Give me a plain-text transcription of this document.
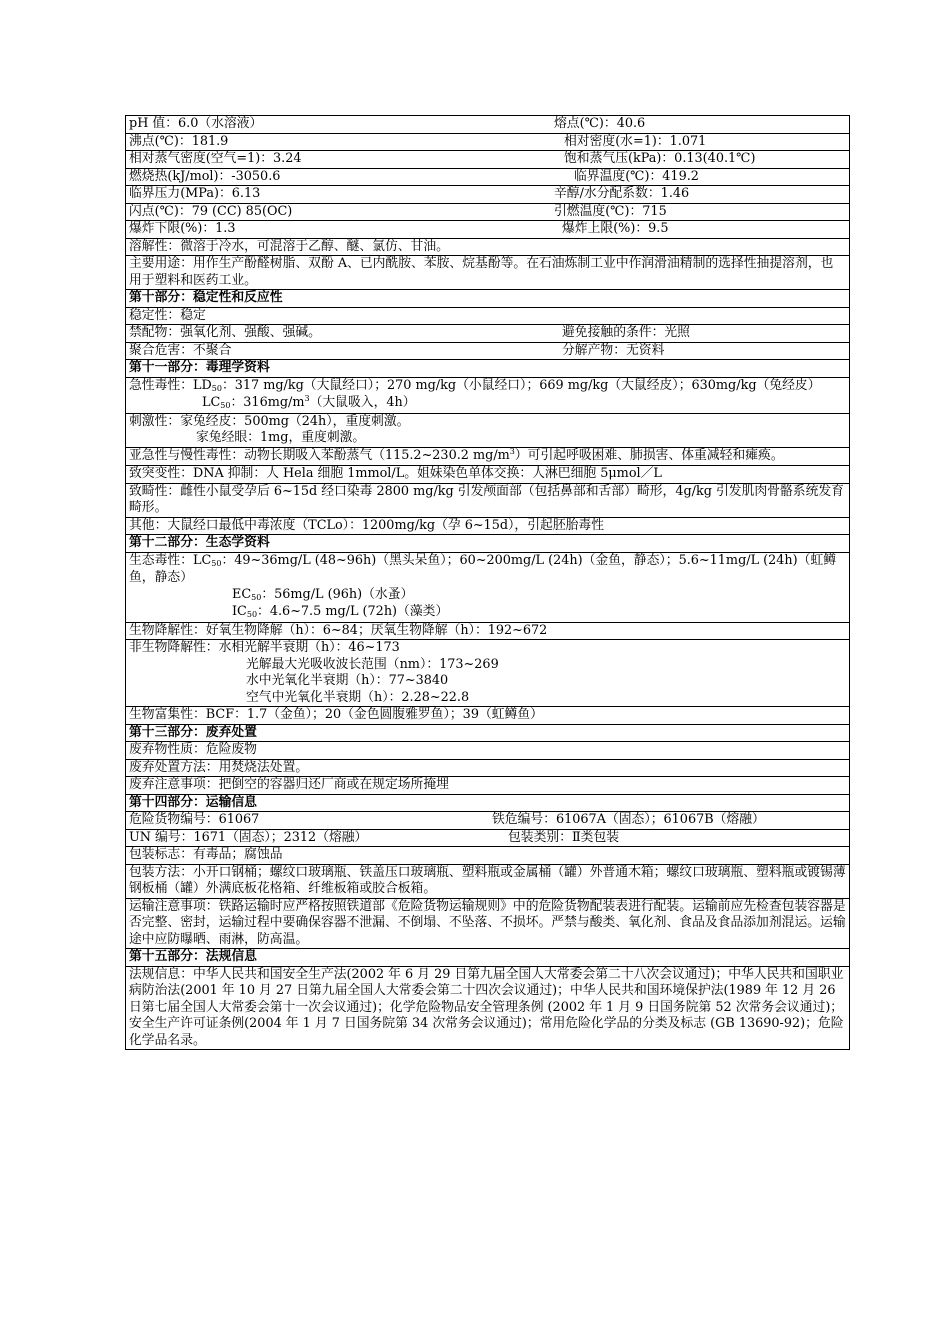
pH 值：6.0（水溶液）	熔点(℃)：40.6

沸点(℃)：181.9	相对密度(水=1)：1.071

相对蒸气密度(空气=1)：3.24	饱和蒸气压(kPa)：0.13(40.1℃)

燃烧热(kJ/mol)：-3050.6	临界温度(℃)：419.2

临界压力(MPa)：6.13	辛醇/水分配系数：1.46

闪点(℃)：79 (CC) 85(OC)	引燃温度(℃)：715

爆炸下限(%)：1.3	爆炸上限(%)：9.5

溶解性：微溶于冷水，可混溶于乙醇、醚、氯仿、甘油。
主要用途：用作生产酚醛树脂、双酚 A、已内酰胺、苯胺、烷基酚等。在石油炼制工业中作润滑油精制的选择性抽提溶剂，也用于塑料和医药工业。
第十部分：稳定性和反应性
稳定性：稳定
禁配物：强氧化剂、强酸、强碱。	避免接触的条件：光照

聚合危害：不聚合	分解产物：无资料

第十一部分：毒理学资料

急性毒性：$LD_{50}$：317 mg/kg（大鼠经口）；270 mg/kg（小鼠经口）；669 mg/kg（大鼠经皮）；630mg/kg（兔经皮）
$LC_{50}$：$316mg/m^3$（大鼠吸入，4h）

刺激性：家兔经皮：500mg（24h），重度刺激。
家兔经眼：1mg，重度刺激。

亚急性与慢性毒性：动物长期吸入苯酚蒸气（115.2~230.2 $mg/m^3$）可引起呼吸困难、肺损害、体重减轻和瘫痪。
致突变性：DNA 抑制：人 Hela 细胞 1mmol/L。姐妹染色单体交换：人淋巴细胞 5μmol／L
致畸性：雌性小鼠受孕后 6~15d 经口染毒 2800 mg/kg 引发颅面部（包括鼻部和舌部）畸形，4g/kg 引发肌肉骨骼系统发育畸形。
其他：大鼠经口最低中毒浓度（TCLo）：1200mg/kg（孕 6~15d），引起胚胎毒性
第十二部分：生态学资料

生态毒性：$LC_{50}$：49~36mg/L (48~96h)（黑头呆鱼）；60~200mg/L (24h)（金鱼，静态）；5.6~11mg/L (24h)（虹鳟鱼，静态）
$EC_{50}$：56mg/L (96h)（水蚤）
$IC_{50}$：4.6~7.5 mg/L (72h)（藻类）

生物降解性：好氧生物降解（h）：6~84；厌氧生物降解（h）：192~672

非生物降解性：水相光解半衰期（h）：46~173
光解最大光吸收波长范围（nm）：173~269
水中光氧化半衰期（h）：77~3840
空气中光氧化半衰期（h）：2.28~22.8

生物富集性：BCF：1.7（金鱼）；20（金色圆腹雅罗鱼）；39（虹鳟鱼）
第十三部分：废弃处置
废弃物性质：危险废物
废弃处置方法：用焚烧法处置。
废弃注意事项：把倒空的容器归还厂商或在规定场所掩埋
第十四部分：运输信息
危险货物编号：61067	铁危编号：61067A（固态）；61067B（熔融）

UN 编号：1671（固态）；2312（熔融）	包装类别：Ⅱ类包装

包装标志：有毒品；腐蚀品
包装方法：小开口钢桶；螺纹口玻璃瓶、铁盖压口玻璃瓶、塑料瓶或金属桶（罐）外普通木箱；螺纹口玻璃瓶、塑料瓶或镀锡薄钢板桶（罐）外满底板花格箱、纤维板箱或胶合板箱。
运输注意事项：铁路运输时应严格按照铁道部《危险货物运输规则》中的危险货物配装表进行配装。运输前应先检查包装容器是否完整、密封，运输过程中要确保容器不泄漏、不倒塌、不坠落、不损坏。严禁与酸类、氧化剂、食品及食品添加剂混运。运输途中应防曝晒、雨淋，防高温。
第十五部分：法规信息
法规信息：中华人民共和国安全生产法(2002 年 6 月 29 日第九届全国人大常委会第二十八次会议通过)；中华人民共和国职业病防治法(2001 年 10 月 27 日第九届全国人大常委会第二十四次会议通过)；中华人民共和国环境保护法(1989 年 12 月 26 日第七届全国人大常委会第十一次会议通过)；化学危险物品安全管理条例 (2002 年 1 月 9 日国务院第 52 次常务会议通过)；安全生产许可证条例(2004 年 1 月 7 日国务院第 34 次常务会议通过)；常用危险化学品的分类及标志 (GB 13690-92)；危险化学品名录。
